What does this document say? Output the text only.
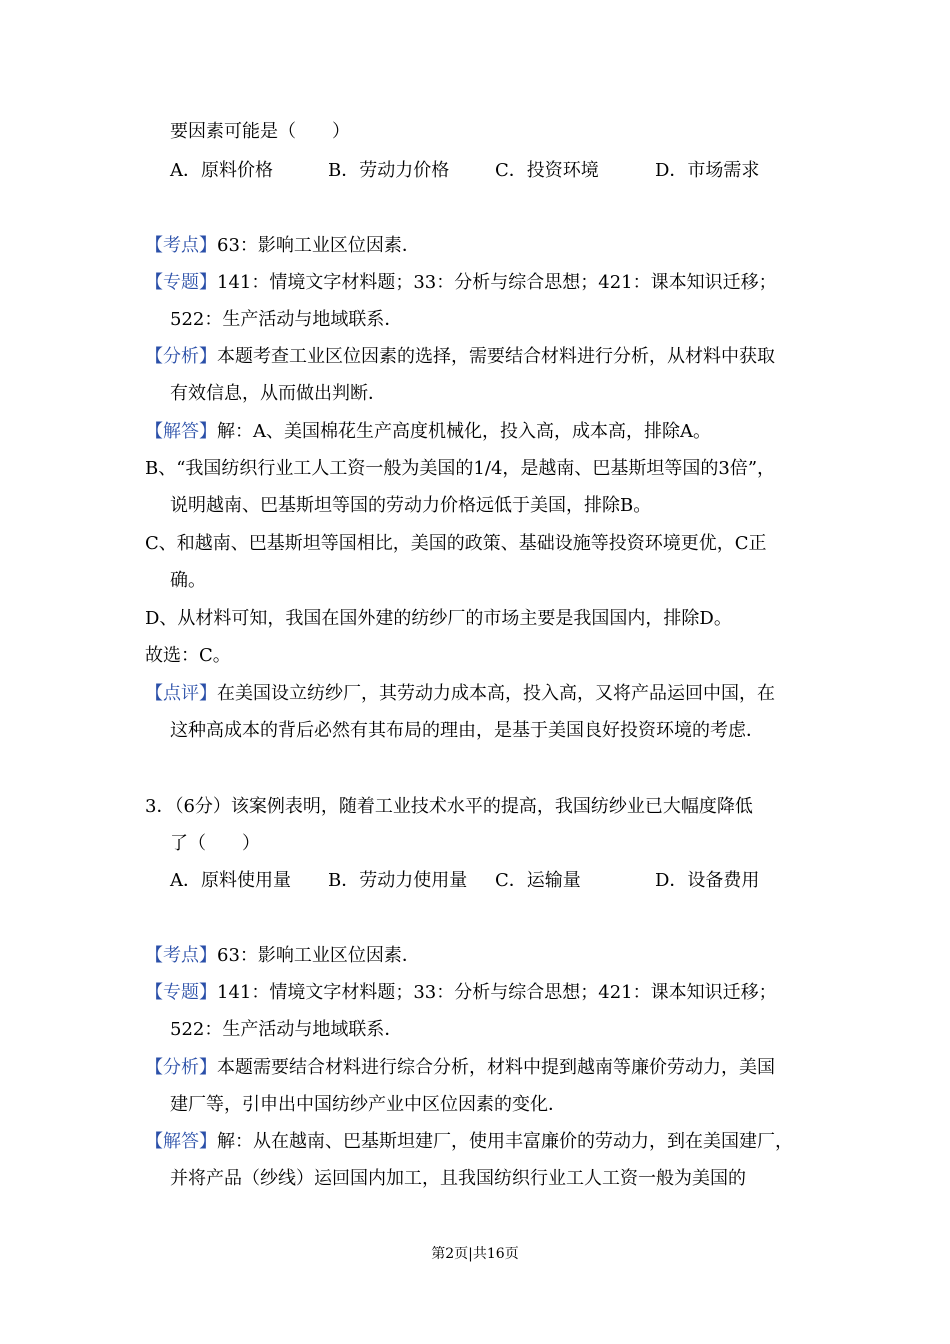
要因素可能是（　　）
A．原料价格	B．劳动力价格	C．投资环境	D．市场需求
【考点】63：影响工业区位因素．
【专题】141：情境文字材料题；33：分析与综合思想；421：课本知识迁移；
522：生产活动与地域联系．
【分析】本题考查工业区位因素的选择，需要结合材料进行分析，从材料中获取
有效信息，从而做出判断．
【解答】解：A、美国棉花生产高度机械化，投入高，成本高，排除A。
B、“我国纺织行业工人工资一般为美国的1/4，是越南、巴基斯坦等国的3倍”，
说明越南、巴基斯坦等国的劳动力价格远低于美国，排除B。
C、和越南、巴基斯坦等国相比，美国的政策、基础设施等投资环境更优，C正
确。
D、从材料可知，我国在国外建的纺纱厂的市场主要是我国国内，排除D。
故选：C。
【点评】在美国设立纺纱厂，其劳动力成本高，投入高，又将产品运回中国，在
这种高成本的背后必然有其布局的理由，是基于美国良好投资环境的考虑．
3．（6分）该案例表明，随着工业技术水平的提高，我国纺纱业已大幅度降低
了（　　）
A．原料使用量 B．劳动力使用量 C．运输量	D．设备费用
【考点】63：影响工业区位因素．
【专题】141：情境文字材料题；33：分析与综合思想；421：课本知识迁移；
522：生产活动与地域联系．
【分析】本题需要结合材料进行综合分析，材料中提到越南等廉价劳动力，美国
建厂等，引申出中国纺纱产业中区位因素的变化．
【解答】解：从在越南、巴基斯坦建厂，使用丰富廉价的劳动力，到在美国建厂，
并将产品（纱线）运回国内加工，且我国纺织行业工人工资一般为美国的
第2页|共16页
